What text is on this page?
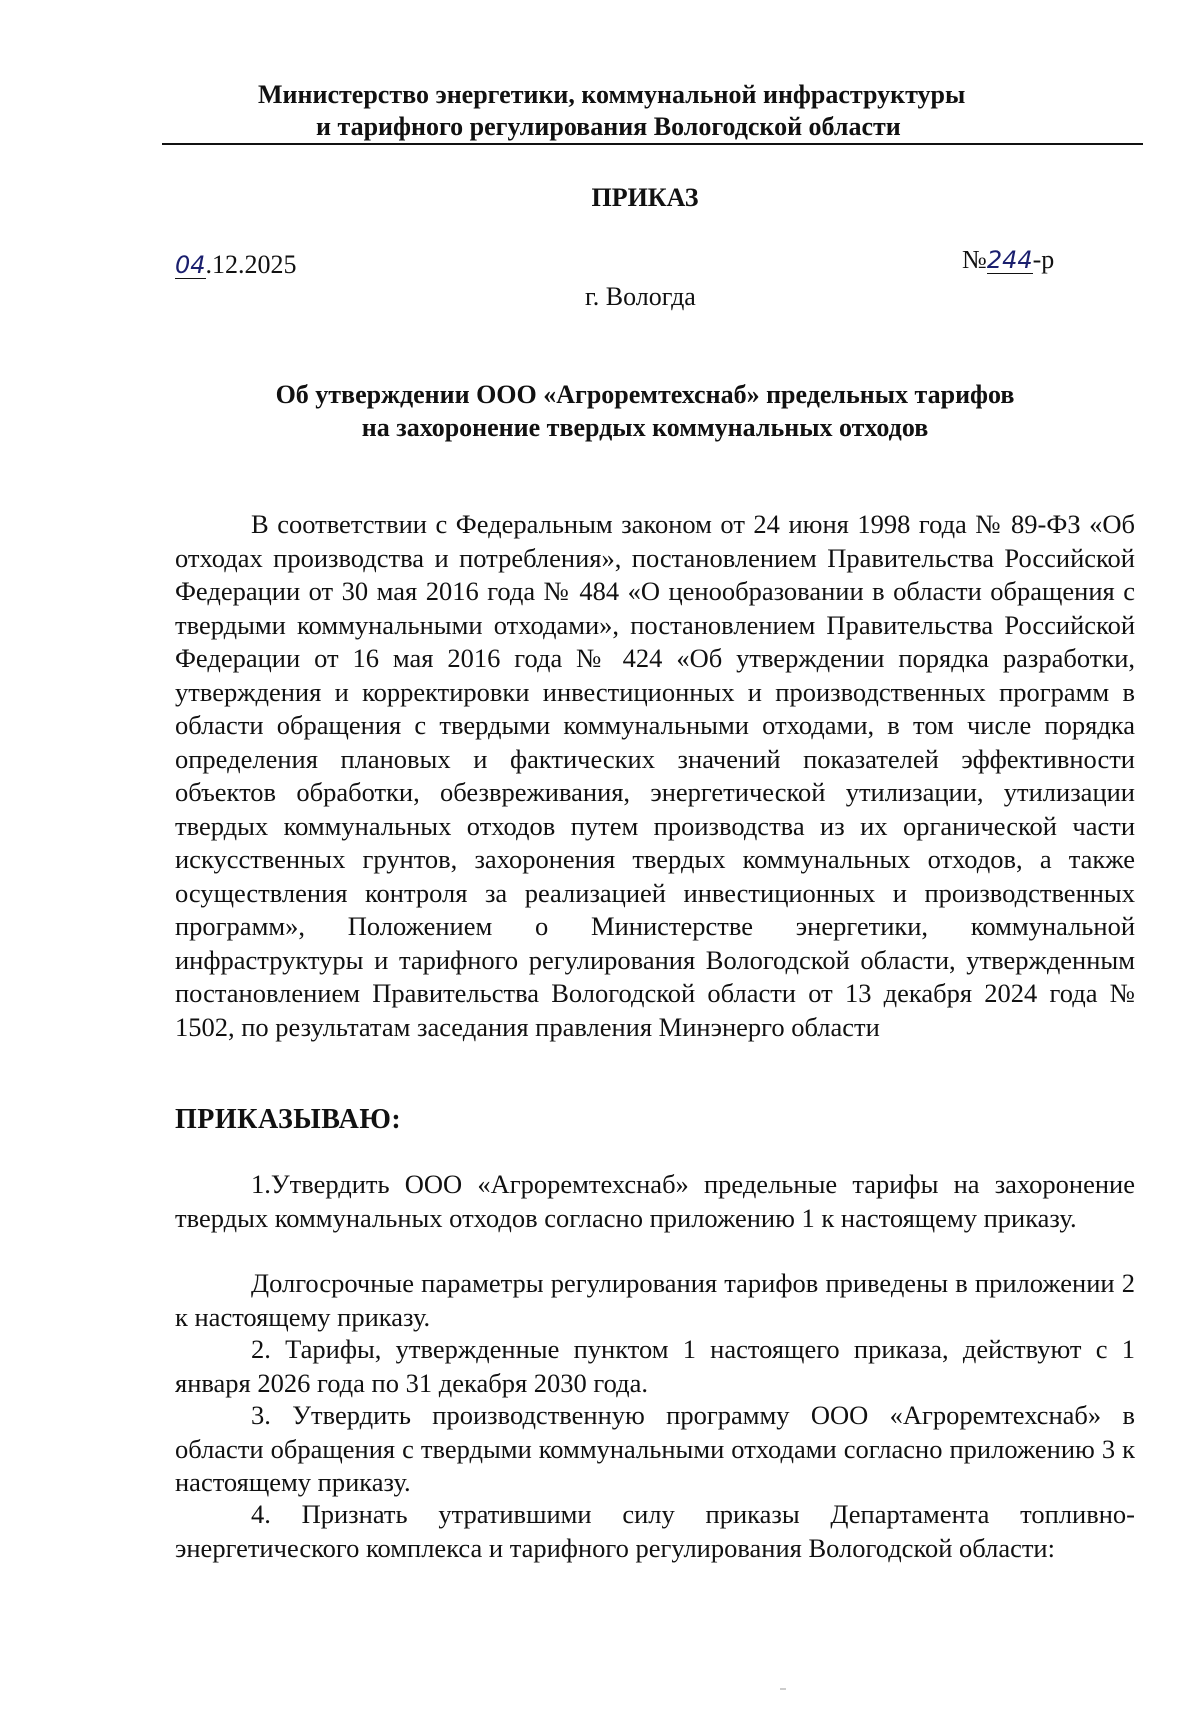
Министерство энергетики, коммунальной инфраструктуры
и тарифного регулирования Вологодской области
ПРИКАЗ
04.12.2025	№244-р
г. Вологда
Об утверждении ООО «Агроремтехснаб» предельных тарифов
на захоронение твердых коммунальных отходов

В соответствии с Федеральным законом от 24 июня 1998 года № 89-ФЗ «Об отходах производства и потребления», постановлением Правительства Российской Федерации от 30 мая 2016 года № 484 «О ценообразовании в области обращения с твердыми коммунальными отходами», постановлением Правительства Российской Федерации от 16 мая 2016 года № 424 «Об утверждении порядка разработки, утверждения и корректировки инвестиционных и производственных программ в области обращения с твердыми коммунальными отходами, в том числе порядка определения плановых и фактических значений показателей эффективности объектов обработки, обезвреживания, энергетической утилизации, утилизации твердых коммунальных отходов путем производства из их органической части искусственных грунтов, захоронения твердых коммунальных отходов, а также осуществления контроля за реализацией инвестиционных и производственных программ», Положением о Министерстве энергетики, коммунальной инфраструктуры и тарифного регулирования Вологодской области, утвержденным постановлением Правительства Вологодской области от 13 декабря 2024 года № 1502, по результатам заседания правления Минэнерго области

ПРИКАЗЫВАЮ:

1.Утвердить ООО «Агроремтехснаб» предельные тарифы на захоронение твердых коммунальных отходов согласно приложению 1 к настоящему приказу.

Долгосрочные параметры регулирования тарифов приведены в приложении 2 к настоящему приказу.

2. Тарифы, утвержденные пунктом 1 настоящего приказа, действуют с 1 января 2026 года по 31 декабря 2030 года.

3. Утвердить производственную программу ООО «Агроремтехснаб» в области обращения с твердыми коммунальными отходами согласно приложению 3 к настоящему приказу.

4. Признать утратившими силу приказы Департамента топливно-энергетического комплекса и тарифного регулирования Вологодской области:
